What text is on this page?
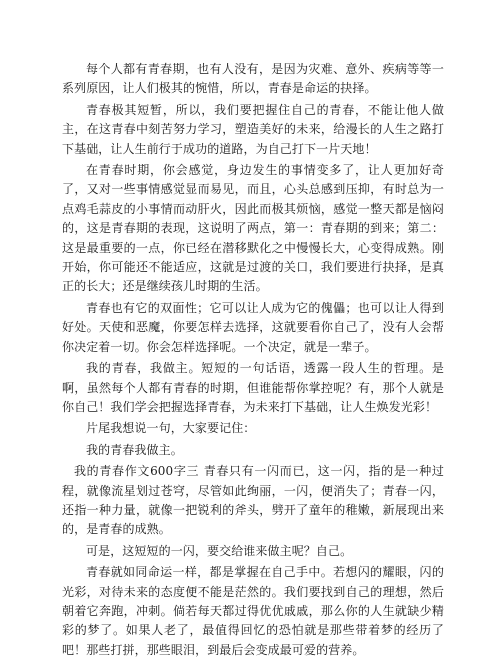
每个人都有青春期，也有人没有，是因为灾难、意外、疾病等等一系列原因，让人们极其的惋惜，所以，青春是命运的抉择。

青春极其短暂，所以，我们要把握住自己的青春，不能让他人做主，在这青春中刻苦努力学习，塑造美好的未来，给漫长的人生之路打下基础，让人生前行于成功的道路，为自己打下一片天地！

在青春时期，你会感觉，身边发生的事情变多了，让人更加好奇了，又对一些事情感觉显而易见，而且，心头总感到压抑，有时总为一点鸡毛蒜皮的小事情而动肝火，因此而极其烦恼，感觉一整天都是恼闷的，这是青春期的表现，这说明了两点，第一：青春期的到来；第二：这是最重要的一点，你已经在潜移默化之中慢慢长大，心变得成熟。刚开始，你可能还不能适应，这就是过渡的关口，我们要进行抉择，是真正的长大；还是继续孩儿时期的生活。

青春也有它的双面性；它可以让人成为它的傀儡；也可以让人得到好处。天使和恶魔，你要怎样去选择，这就要看你自己了，没有人会帮你决定着一切。你会怎样选择呢。一个决定，就是一辈子。

我的青春，我做主。短短的一句话语，透露一段人生的哲理。是啊，虽然每个人都有青春的时期，但谁能帮你掌控呢？有，那个人就是你自己！我们学会把握选择青春，为未来打下基础，让人生焕发光彩！

片尾我想说一句，大家要记住：

我的青春我做主。

我的青春作文600字三 青春只有一闪而已，这一闪，指的是一种过程，就像流星划过苍穹，尽管如此绚丽，一闪，便消失了；青春一闪，还指一种力量，就像一把锐利的斧头，劈开了童年的稚嫩，新展现出来的，是青春的成熟。

可是，这短短的一闪，要交给谁来做主呢？自己。

青春就如同命运一样，都是掌握在自己手中。若想闪的耀眼，闪的光彩，对待未来的态度便不能是茫然的。我们要找到自己的理想，然后朝着它奔跑，冲刺。倘若每天都过得优优戚戚，那么你的人生就缺少精彩的梦了。如果人老了，最值得回忆的恐怕就是那些带着梦的经历了吧！那些打拼，那些眼泪，到最后会变成最可爱的营养。
